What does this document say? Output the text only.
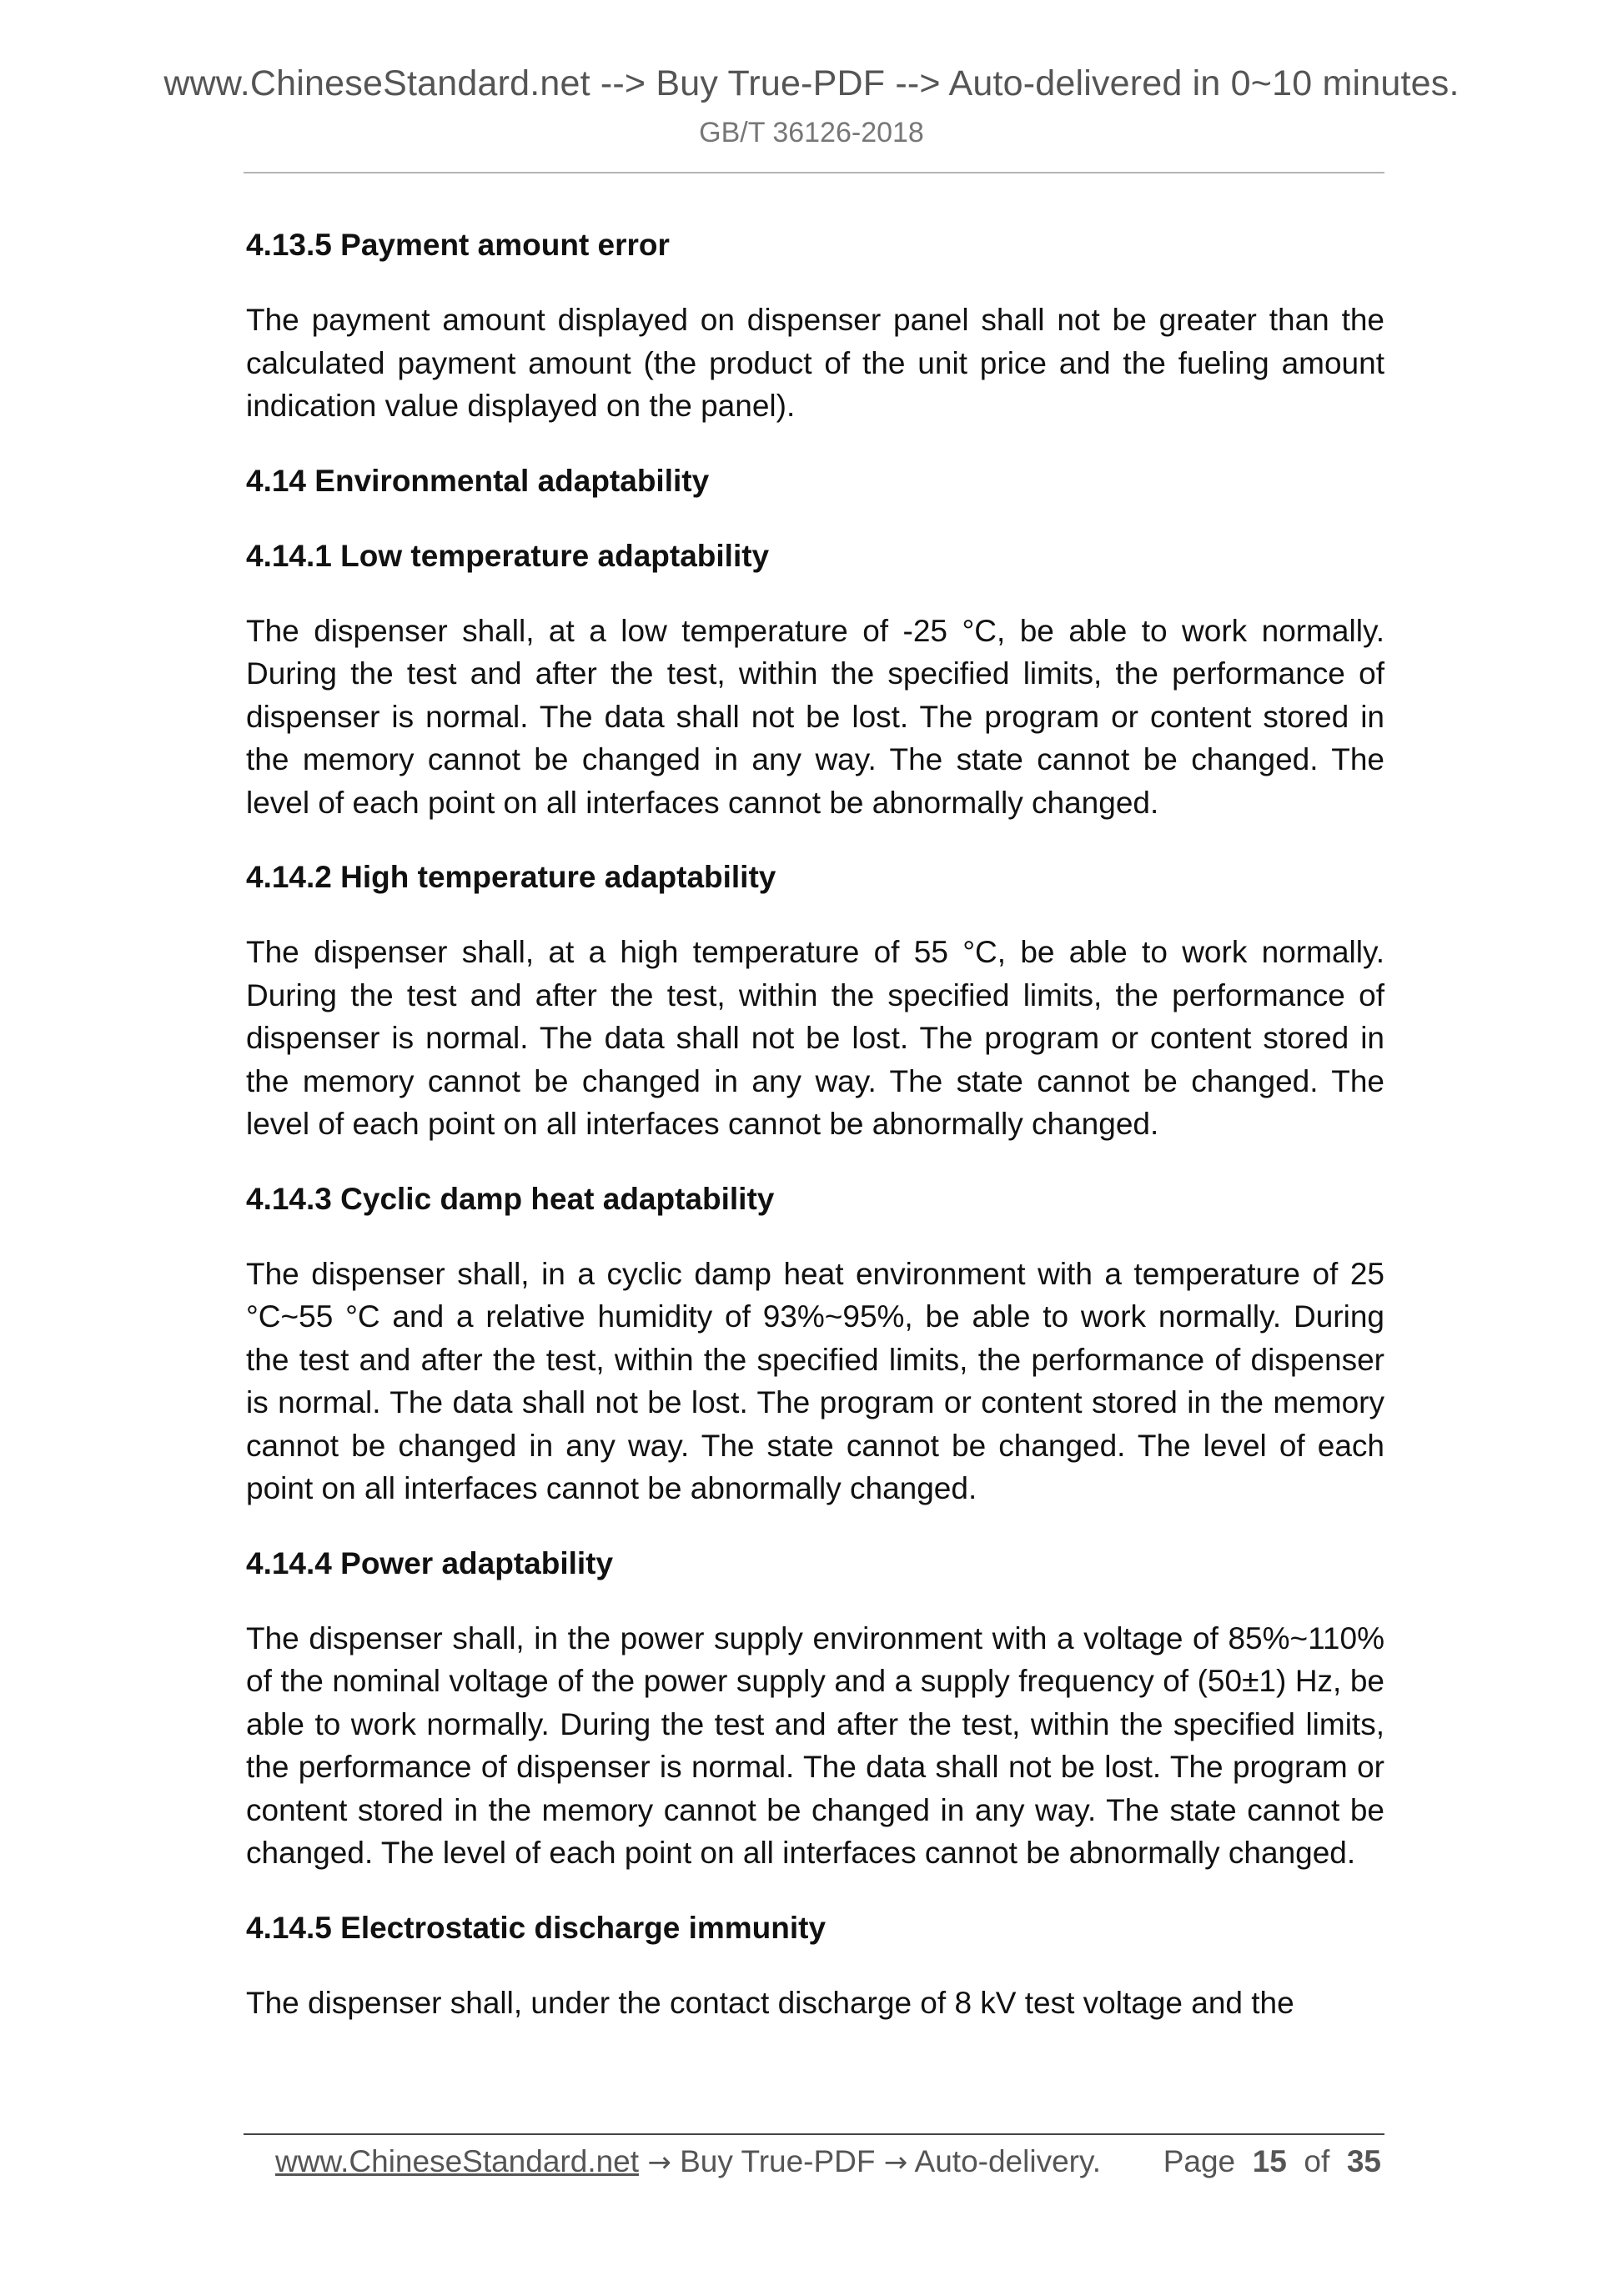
www.ChineseStandard.net --> Buy True-PDF --> Auto-delivered in 0~10 minutes.
GB/T 36126-2018

4.13.5 Payment amount error

The payment amount displayed on dispenser panel shall not be greater than the calculated payment amount (the product of the unit price and the fueling amount indication value displayed on the panel).

4.14 Environmental adaptability

4.14.1 Low temperature adaptability

The dispenser shall, at a low temperature of -25 °C, be able to work normally. During the test and after the test, within the specified limits, the performance of dispenser is normal. The data shall not be lost. The program or content stored in the memory cannot be changed in any way. The state cannot be changed. The level of each point on all interfaces cannot be abnormally changed.

4.14.2 High temperature adaptability

The dispenser shall, at a high temperature of 55 °C, be able to work normally. During the test and after the test, within the specified limits, the performance of dispenser is normal. The data shall not be lost. The program or content stored in the memory cannot be changed in any way. The state cannot be changed. The level of each point on all interfaces cannot be abnormally changed.

4.14.3 Cyclic damp heat adaptability

The dispenser shall, in a cyclic damp heat environment with a temperature of 25 °C~55 °C and a relative humidity of 93%~95%, be able to work normally. During the test and after the test, within the specified limits, the performance of dispenser is normal. The data shall not be lost. The program or content stored in the memory cannot be changed in any way. The state cannot be changed. The level of each point on all interfaces cannot be abnormally changed.

4.14.4 Power adaptability

The dispenser shall, in the power supply environment with a voltage of 85%~110% of the nominal voltage of the power supply and a supply frequency of (50±1) Hz, be able to work normally. During the test and after the test, within the specified limits, the performance of dispenser is normal. The data shall not be lost. The program or content stored in the memory cannot be changed in any way. The state cannot be changed. The level of each point on all interfaces cannot be abnormally changed.

4.14.5 Electrostatic discharge immunity

The dispenser shall, under the contact discharge of 8 kV test voltage and the

www.ChineseStandard.net → Buy True-PDF → Auto-delivery. Page 15 of 35
